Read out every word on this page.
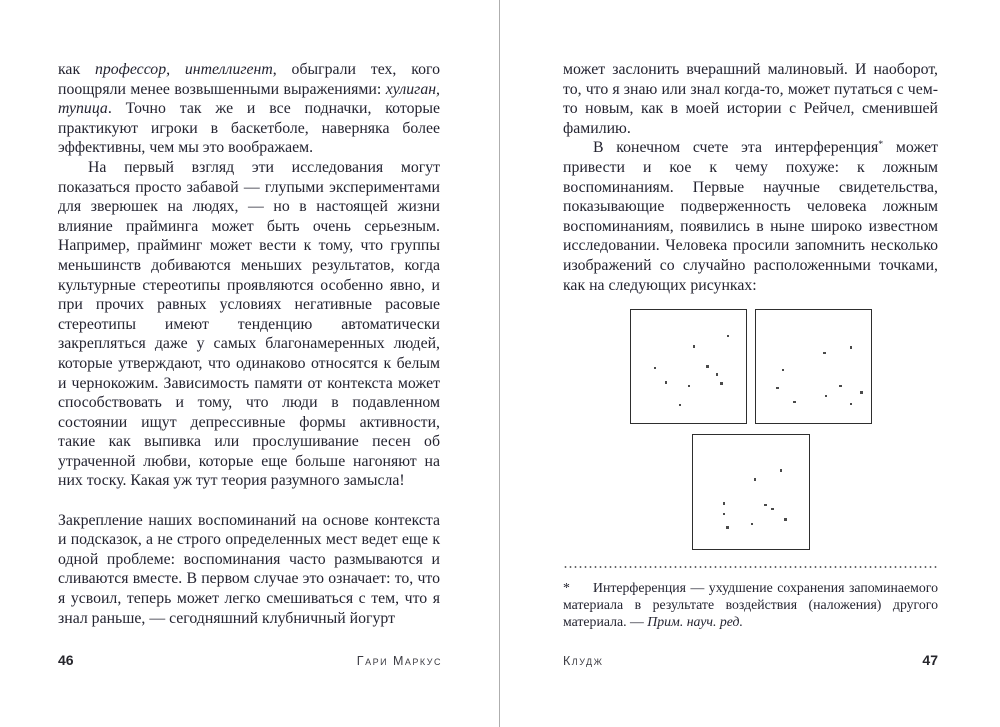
как профессор, интеллигент, обыграли тех, кого поощряли менее возвышенными выражениями: хулиган, тупица. Точно так же и все подначки, которые практикуют игроки в баскетболе, наверняка более эффективны, чем мы это воображаем.

На первый взгляд эти исследования могут показаться просто забавой — глупыми экспериментами для зверюшек на людях, — но в настоящей жизни влияние прайминга может быть очень серьезным. Например, прайминг может вести к тому, что группы меньшинств добиваются меньших результатов, когда культурные стереотипы проявляются особенно явно, и при прочих равных условиях негативные расовые стереотипы имеют тенденцию автоматически закрепляться даже у самых благонамеренных людей, которые утверждают, что одинаково относятся к белым и чернокожим. Зависимость памяти от контекста может способствовать и тому, что люди в подавленном состоянии ищут депрессивные формы активности, такие как выпивка или прослушивание песен об утраченной любви, которые еще больше нагоняют на них тоску. Какая уж тут теория разумного замысла!

Закрепление наших воспоминаний на основе контекста и подсказок, а не строго определенных мест ведет еще к одной проблеме: воспоминания часто размываются и сливаются вместе. В первом случае это означает: то, что я усвоил, теперь может легко смешиваться с тем, что я знал раньше, — сегодняшний клубничный йогурт

46	Гари Маркус

может заслонить вчерашний малиновый. И наоборот, то, что я знаю или знал когда-то, может путаться с чем-то новым, как в моей истории с Рейчел, сменившей фамилию.

В конечном счете эта интерференция* может привести и кое к чему похуже: к ложным воспоминаниям. Первые научные свидетельства, показывающие подверженность человека ложным воспоминаниям, появились в ныне широко известном исследовании. Человека просили запомнить несколько изображений со случайно расположенными точками, как на следующих рисунках:

* Интерференция — ухудшение сохранения запоминаемого материала в результате воздействия (наложения) другого материала. — Прим. науч. ред.

Клудж	47
